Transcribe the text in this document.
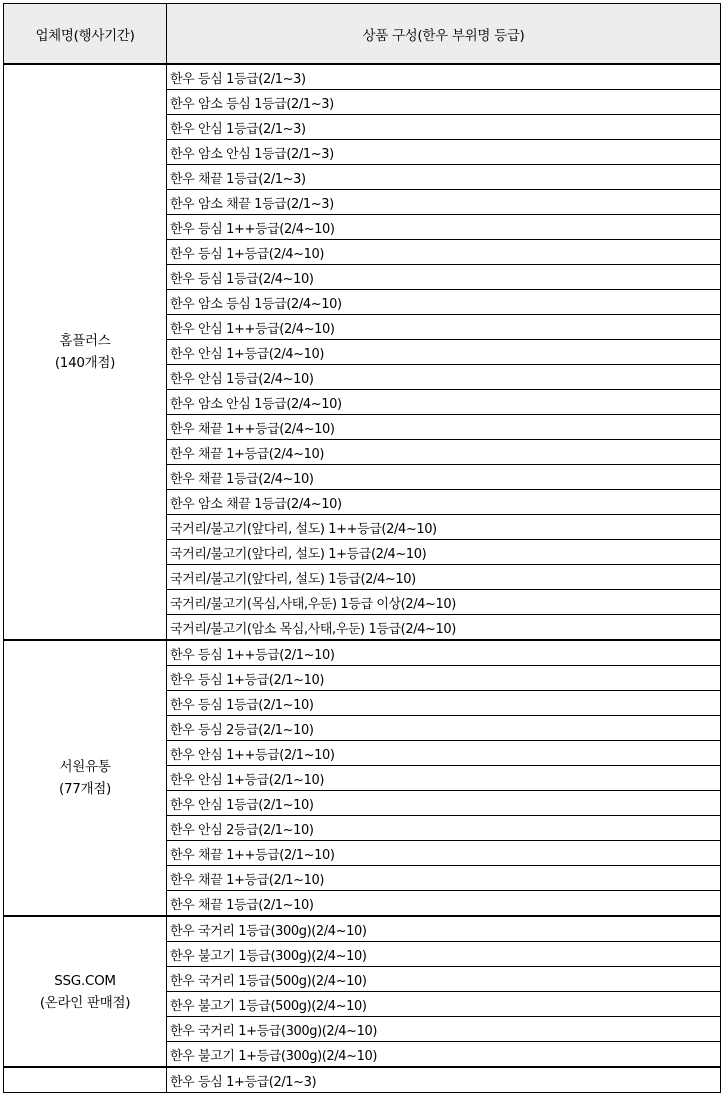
업체명(행사기간)	상품 구성(한우 부위명 등급)

홈플러스
(140개점)	한우 등심 1등급(2/1~3)
	한우 암소 등심 1등급(2/1~3)
	한우 안심 1등급(2/1~3)
	한우 암소 안심 1등급(2/1~3)
	한우 채끝 1등급(2/1~3)
	한우 암소 채끝 1등급(2/1~3)
	한우 등심 1++등급(2/4~10)
	한우 등심 1+등급(2/4~10)
	한우 등심 1등급(2/4~10)
	한우 암소 등심 1등급(2/4~10)
	한우 안심 1++등급(2/4~10)
	한우 안심 1+등급(2/4~10)
	한우 안심 1등급(2/4~10)
	한우 암소 안심 1등급(2/4~10)
	한우 채끝 1++등급(2/4~10)
	한우 채끝 1+등급(2/4~10)
	한우 채끝 1등급(2/4~10)
	한우 암소 채끝 1등급(2/4~10)
	국거리/불고기(앞다리, 설도) 1++등급(2/4~10)
	국거리/불고기(앞다리, 설도) 1+등급(2/4~10)
	국거리/불고기(앞다리, 설도) 1등급(2/4~10)
	국거리/불고기(목심,사태,우둔) 1등급 이상(2/4~10)
	국거리/불고기(암소 목심,사태,우둔) 1등급(2/4~10)

서원유통
(77개점)	한우 등심 1++등급(2/1~10)
	한우 등심 1+등급(2/1~10)
	한우 등심 1등급(2/1~10)
	한우 등심 2등급(2/1~10)
	한우 안심 1++등급(2/1~10)
	한우 안심 1+등급(2/1~10)
	한우 안심 1등급(2/1~10)
	한우 안심 2등급(2/1~10)
	한우 채끝 1++등급(2/1~10)
	한우 채끝 1+등급(2/1~10)
	한우 채끝 1등급(2/1~10)

SSG.COM
(온라인 판매점)	한우 국거리 1등급(300g)(2/4~10)
	한우 불고기 1등급(300g)(2/4~10)
	한우 국거리 1등급(500g)(2/4~10)
	한우 불고기 1등급(500g)(2/4~10)
	한우 국거리 1+등급(300g)(2/4~10)
	한우 불고기 1+등급(300g)(2/4~10)

	한우 등심 1+등급(2/1~3)
